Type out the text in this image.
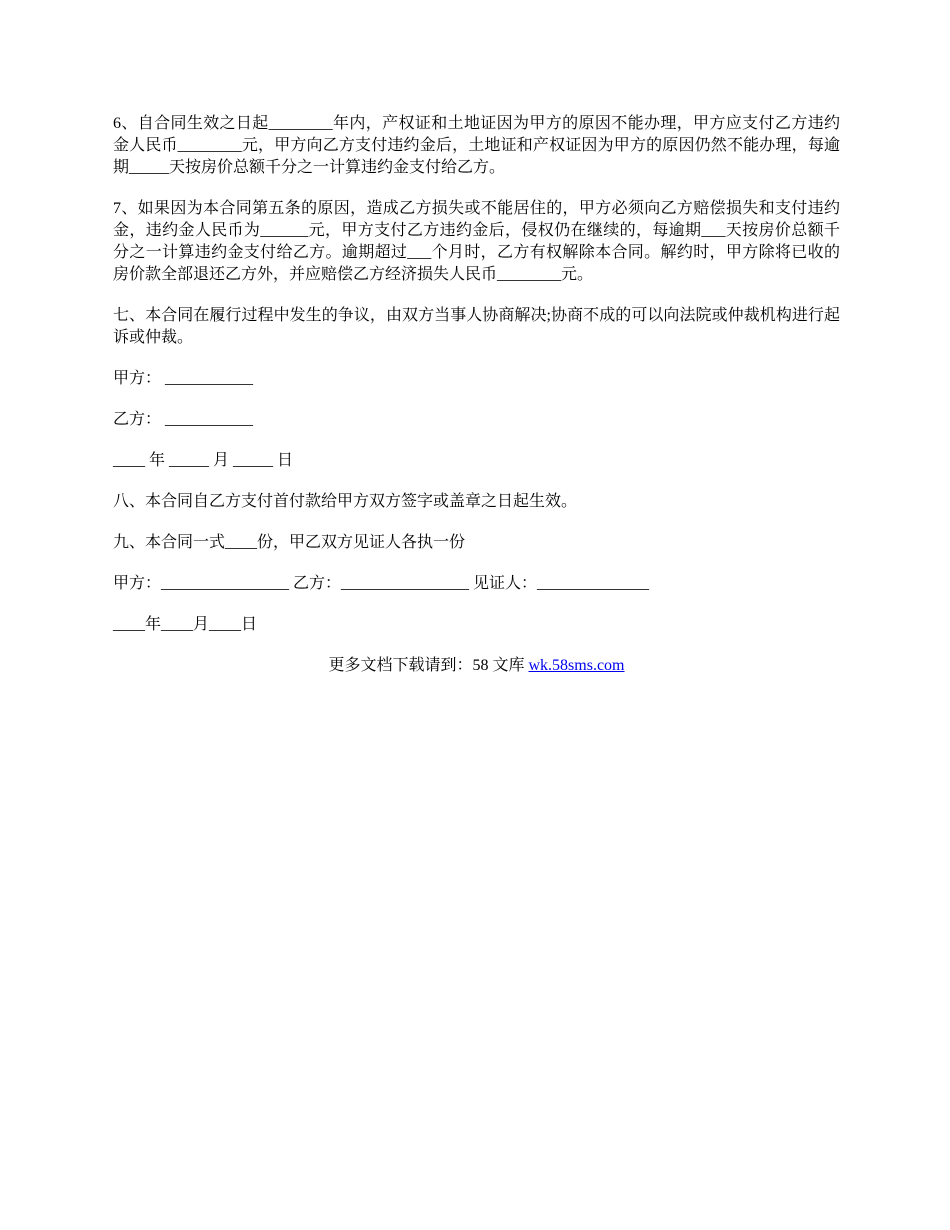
6、自合同生效之日起________年内，产权证和土地证因为甲方的原因不能办理，甲方应支付乙方违约金人民币________元，甲方向乙方支付违约金后，土地证和产权证因为甲方的原因仍然不能办理，每逾期_____天按房价总额千分之一计算违约金支付给乙方。

7、如果因为本合同第五条的原因，造成乙方损失或不能居住的，甲方必须向乙方赔偿损失和支付违约金，违约金人民币为______元，甲方支付乙方违约金后，侵权仍在继续的，每逾期___天按房价总额千分之一计算违约金支付给乙方。逾期超过___个月时，乙方有权解除本合同。解约时，甲方除将已收的房价款全部退还乙方外，并应赔偿乙方经济损失人民币________元。

七、本合同在履行过程中发生的争议，由双方当事人协商解决;协商不成的可以向法院或仲裁机构进行起诉或仲裁。

甲方： ___________

乙方： ___________

____ 年 _____ 月 _____ 日

八、本合同自乙方支付首付款给甲方双方签字或盖章之日起生效。

九、本合同一式____份，甲乙双方见证人各执一份

甲方：________________ 乙方：________________ 见证人：______________

____年____月____日

更多文档下载请到：58 文库 wk.58sms.com
